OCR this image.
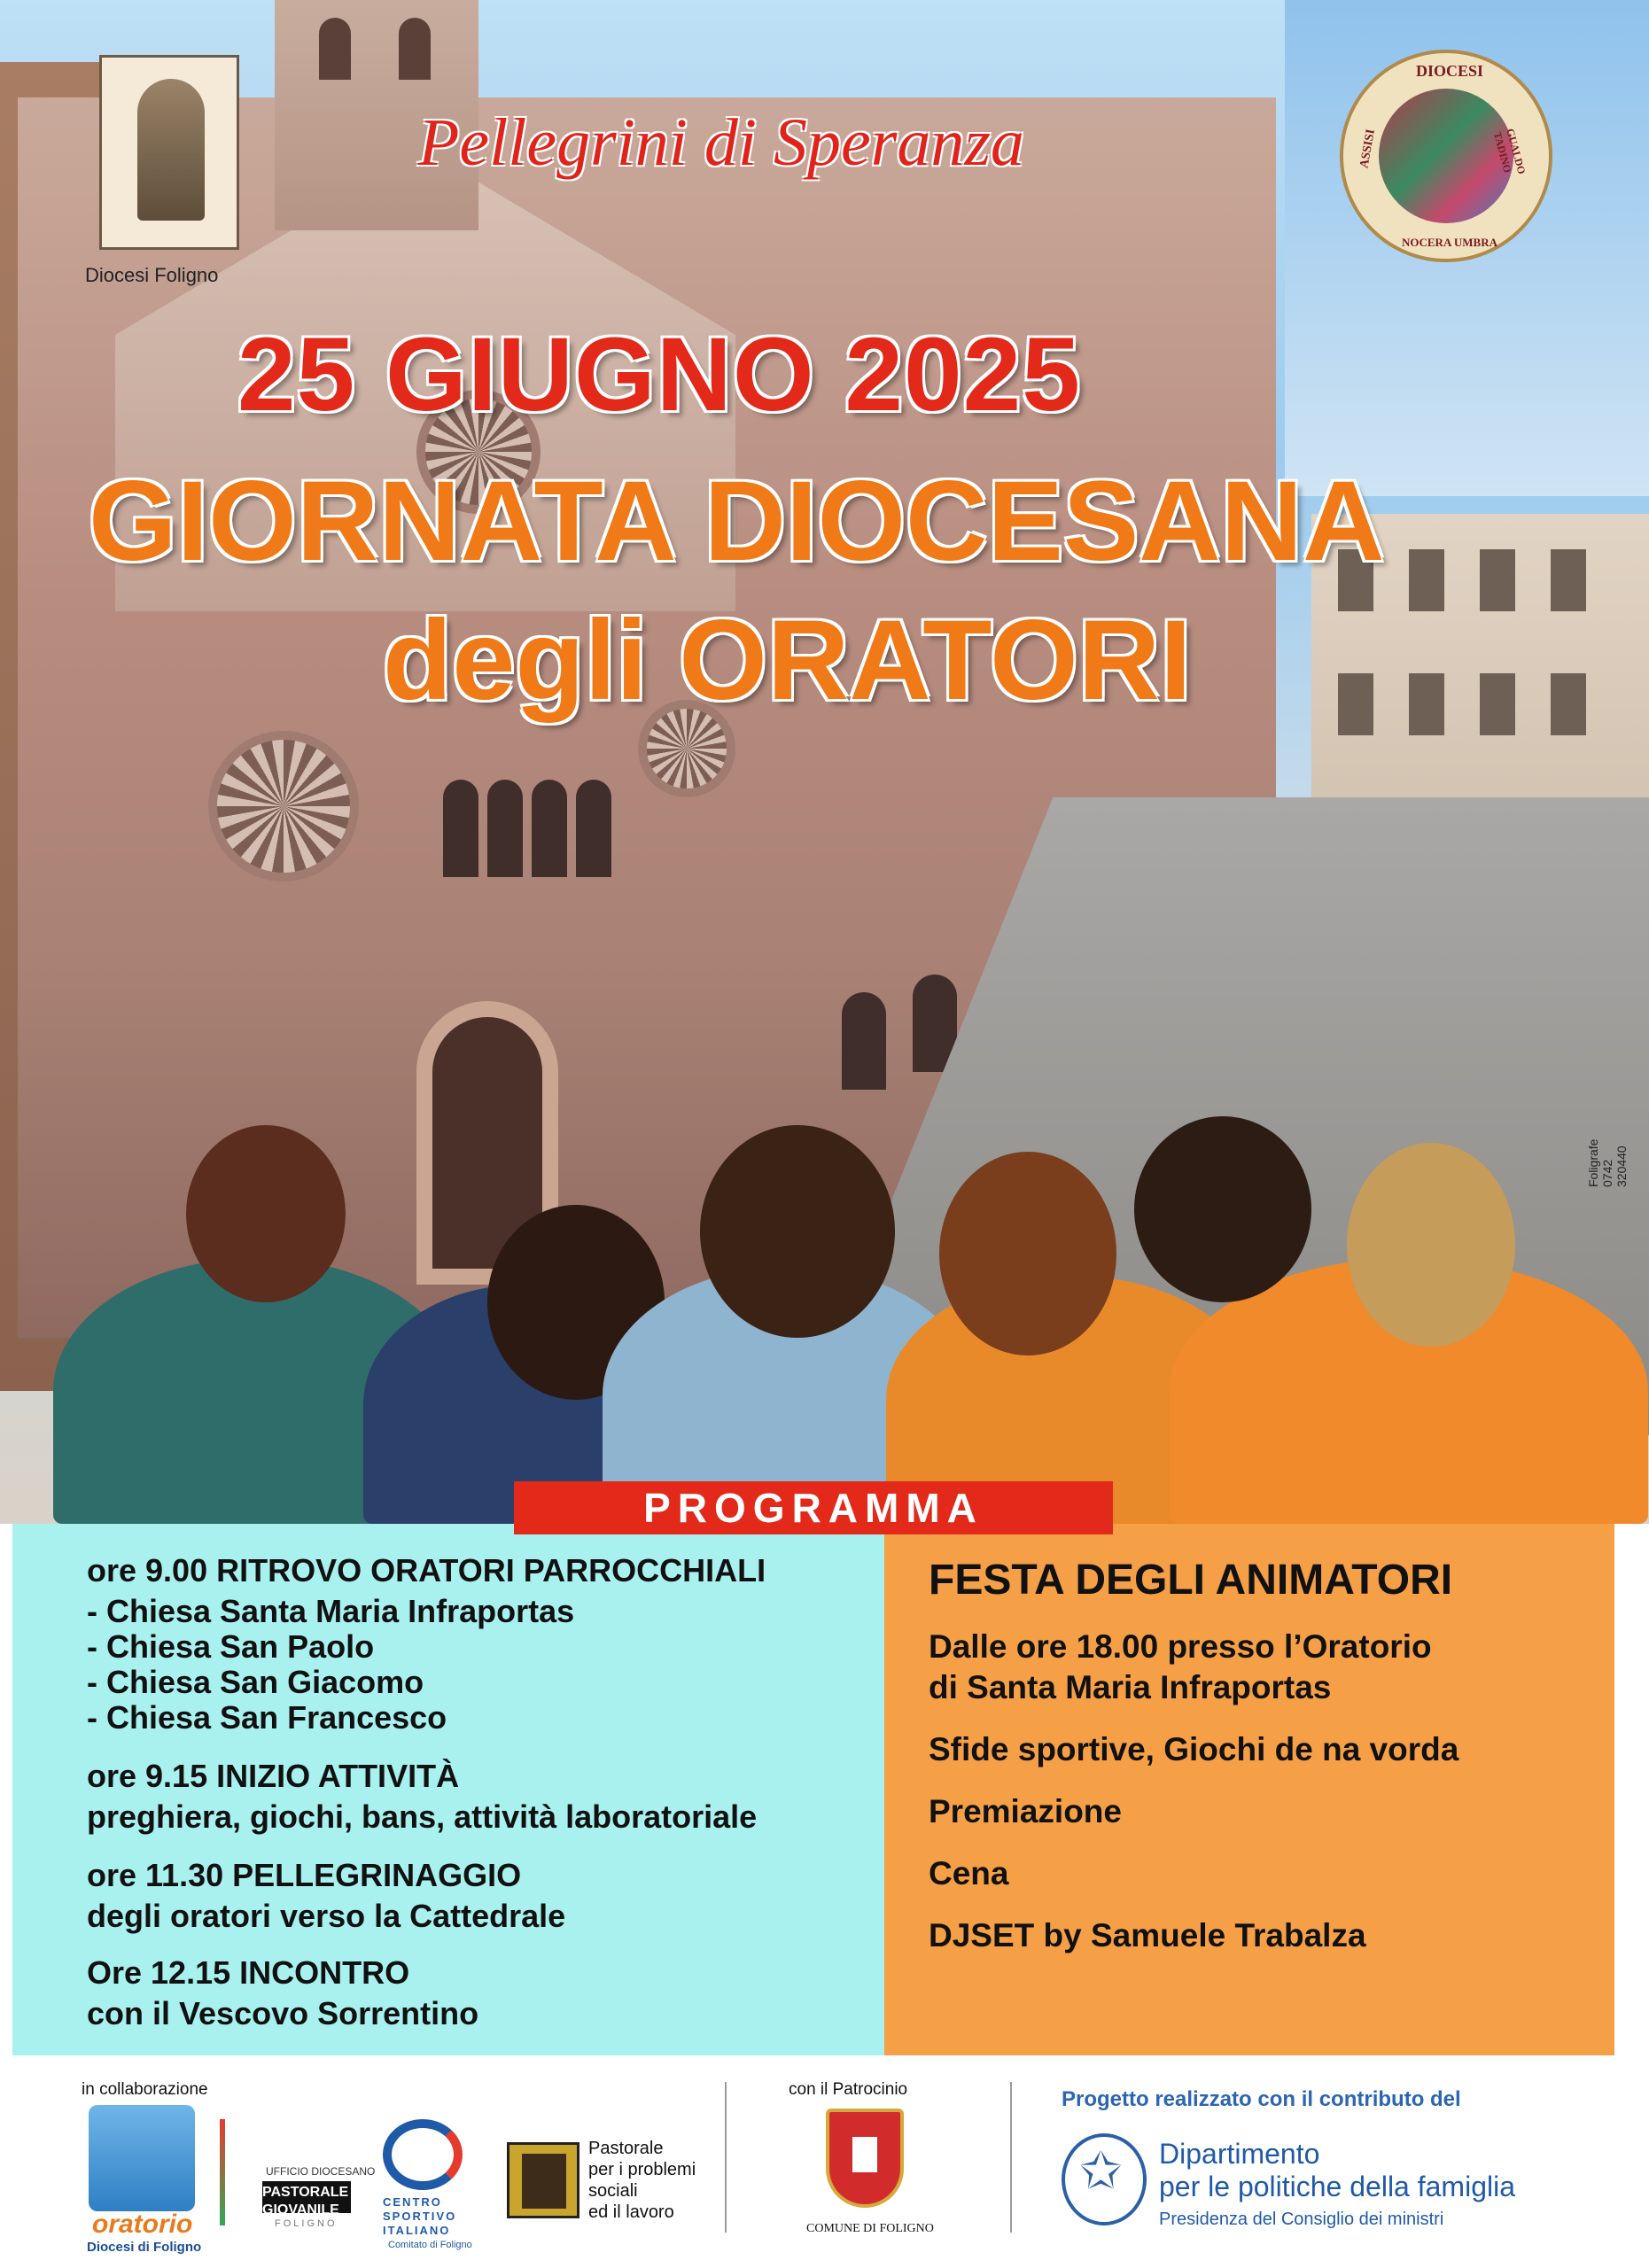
Diocesi Foligno
DIOCESI
ASSISI	GUALDO TADINO
NOCERA UMBRA
Pellegrini di Speranza
25 GIUGNO 2025
GIORNATA DIOCESANA
degli ORATORI
Foligrafe 0742 320440
PROGRAMMA
ore 9.00 RITROVO ORATORI PARROCCHIALI
- Chiesa Santa Maria Infraportas
- Chiesa San Paolo
- Chiesa San Giacomo
- Chiesa San Francesco
ore 9.15 INIZIO ATTIVITÀ
preghiera, giochi, bans, attività laboratoriale
ore 11.30 PELLEGRINAGGIO
degli oratori verso la Cattedrale
Ore 12.15 INCONTRO
con il Vescovo Sorrentino
FESTA DEGLI ANIMATORI
Dalle ore 18.00 presso l’Oratorio
di Santa Maria Infraportas
Sfide sportive, Giochi de na vorda
Premiazione
Cena
DJSET by Samuele Trabalza
in collaborazione
oratorio
Diocesi di Foligno
UFFICIO DIOCESANO
PASTORALE
GIOVANILE
FOLIGNO
CENTRO
SPORTIVO
ITALIANO
Comitato di Foligno
Pastorale
per i problemi
sociali
ed il lavoro
con il Patrocinio
COMUNE DI FOLIGNO
Progetto realizzato con il contributo del
✩ Dipartimento
per le politiche della famiglia
Presidenza del Consiglio dei ministri
